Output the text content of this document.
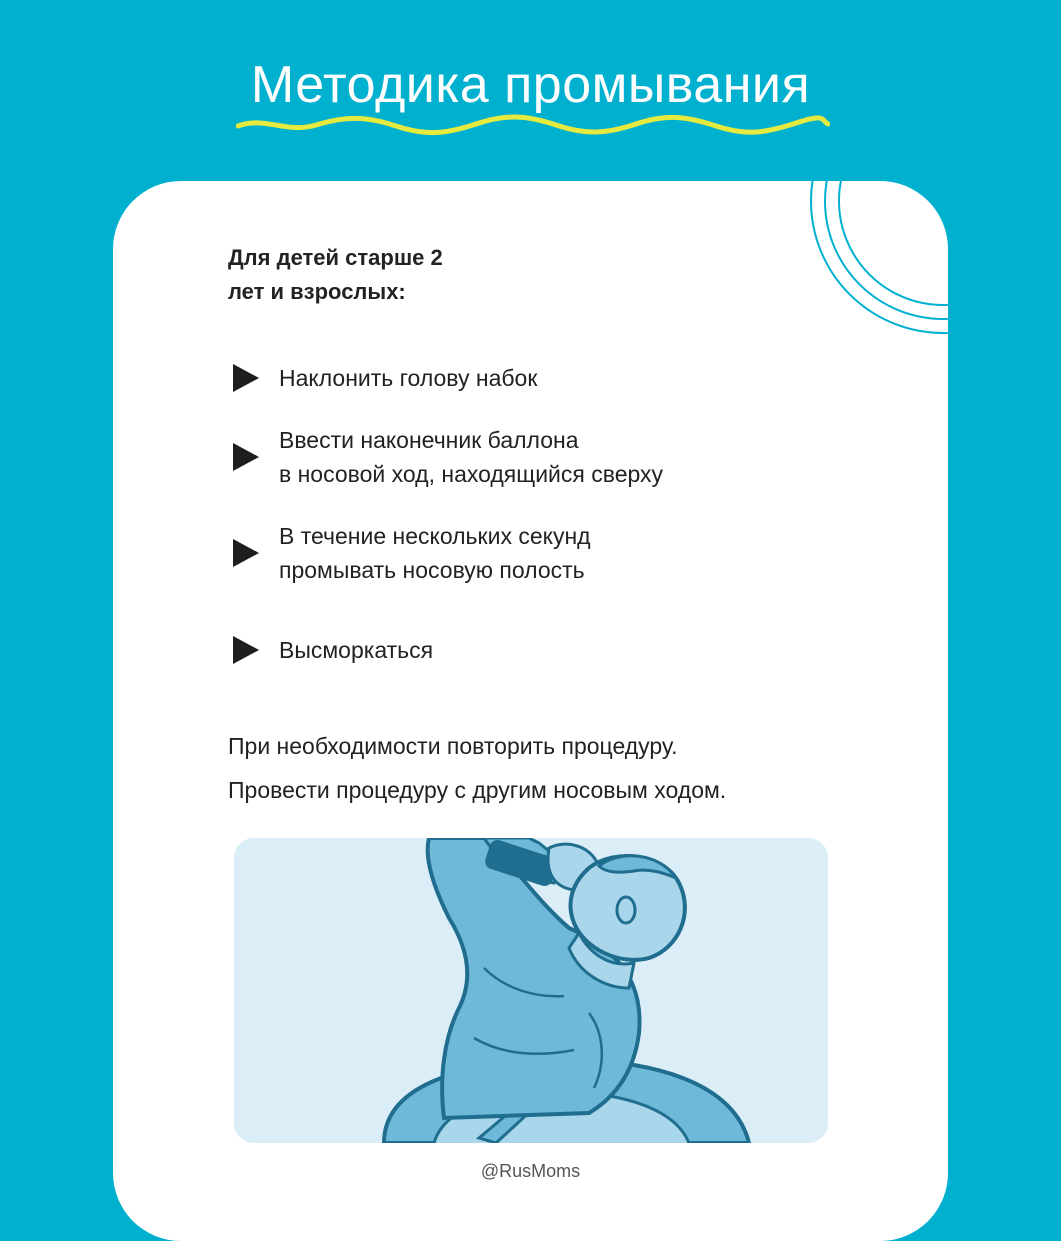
Методика промывания
Для детей старше 2
лет и взрослых:
Наклонить голову набок
Ввести наконечник баллона
в носовой ход, находящийся сверху
В течение нескольких секунд
промывать носовую полость
Высморкаться

При необходимости повторить процедуру.

Провести процедуру с другим носовым ходом.

@RusMoms
